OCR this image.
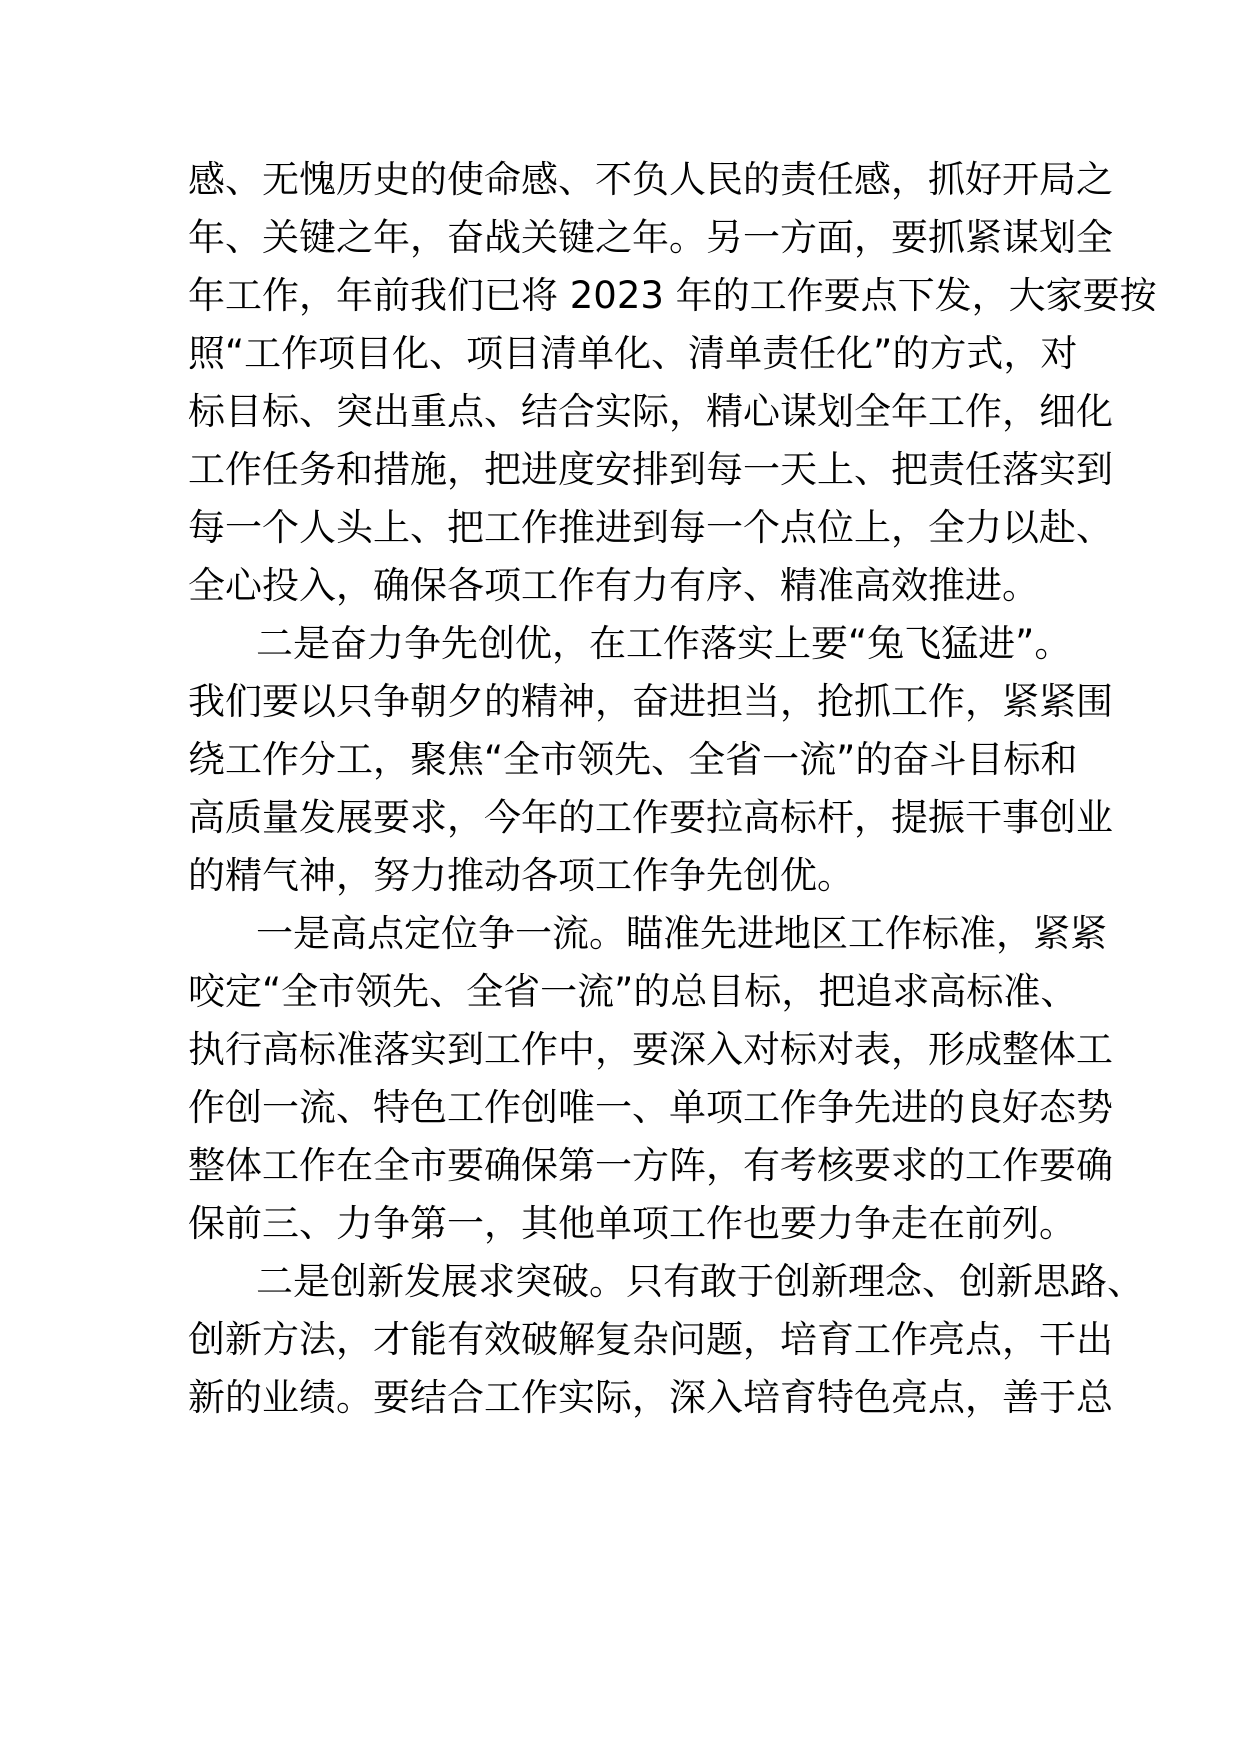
感、无愧历史的使命感、不负人民的责任感，抓好开局之
年、关键之年，奋战关键之年。另一方面，要抓紧谋划全
年工作，年前我们已将 2023 年的工作要点下发，大家要按
照“工作项目化、项目清单化、清单责任化”的方式，对
标目标、突出重点、结合实际，精心谋划全年工作，细化
工作任务和措施，把进度安排到每一天上、把责任落实到
每一个人头上、把工作推进到每一个点位上，全力以赴、
全心投入，确保各项工作有力有序、精准高效推进。
二是奋力争先创优，在工作落实上要“兔飞猛进”。
我们要以只争朝夕的精神，奋进担当，抢抓工作，紧紧围
绕工作分工，聚焦“全市领先、全省一流”的奋斗目标和
高质量发展要求，今年的工作要拉高标杆，提振干事创业
的精气神，努力推动各项工作争先创优。
一是高点定位争一流。瞄准先进地区工作标准，紧紧
咬定“全市领先、全省一流”的总目标，把追求高标准、
执行高标准落实到工作中，要深入对标对表，形成整体工
作创一流、特色工作创唯一、单项工作争先进的良好态势
整体工作在全市要确保第一方阵，有考核要求的工作要确
保前三、力争第一，其他单项工作也要力争走在前列。
二是创新发展求突破。只有敢于创新理念、创新思路、
创新方法，才能有效破解复杂问题，培育工作亮点，干出
新的业绩。要结合工作实际，深入培育特色亮点，善于总
